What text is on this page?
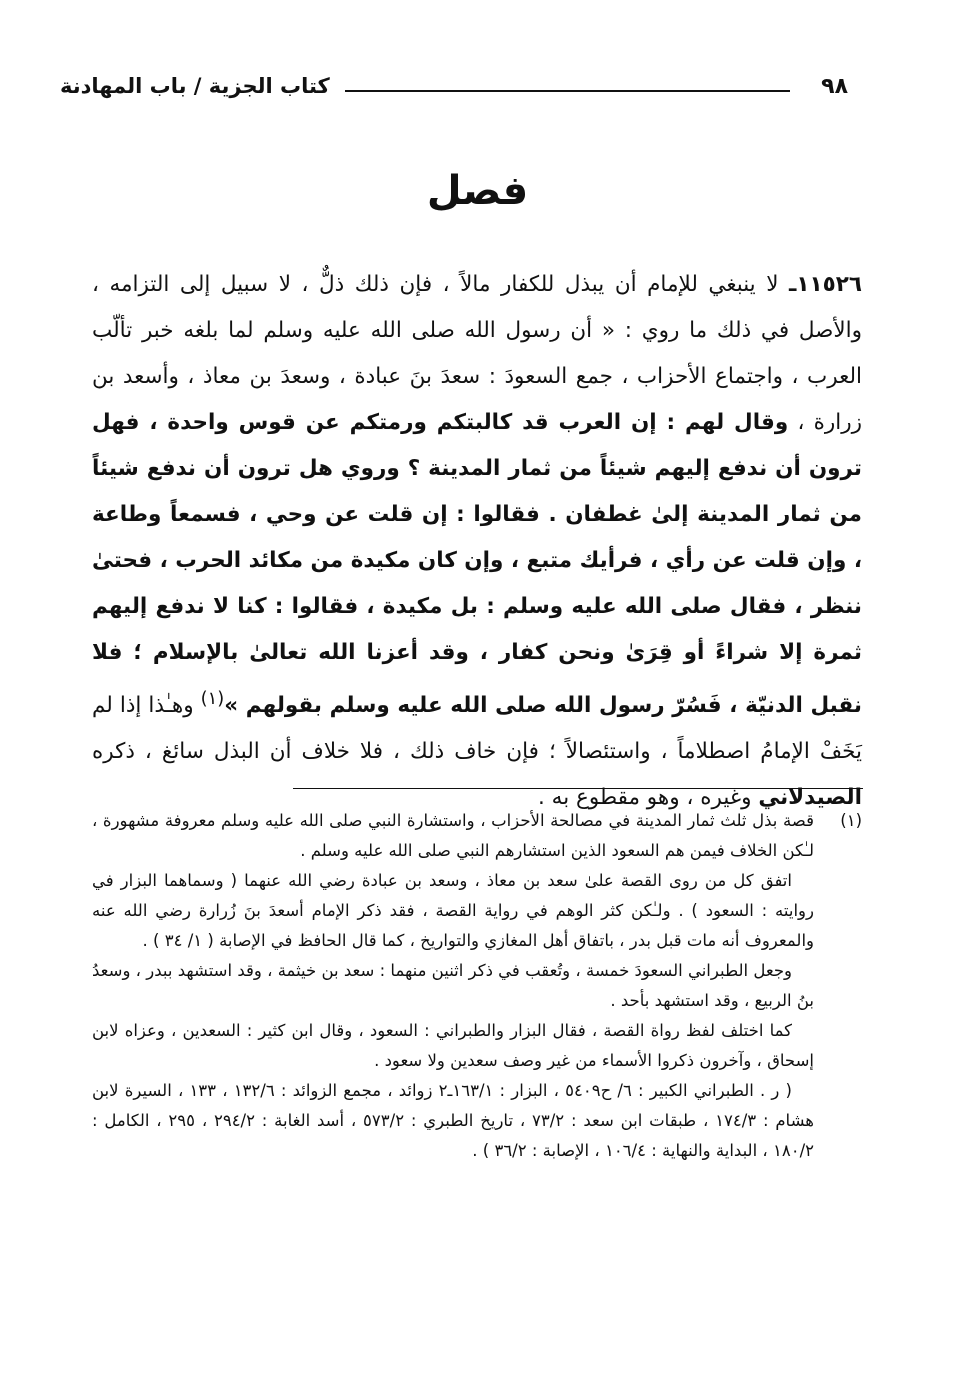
٩٨
كتاب الجزية / باب المهادنة
فصل

١١٥٢٦ـ لا ينبغي للإمام أن يبذل للكفار مالاً ، فإن ذلك ذلٌّ ، لا سبيل إلى التزامه ، والأصل في ذلك ما روي : « أن رسول الله صلى الله عليه وسلم لما بلغه خبر تألّب العرب ، واجتماع الأحزاب ، جمع السعودَ : سعدَ بنَ عبادة ، وسعدَ بن معاذ ، وأسعد بن زرارة ، وقال لهم : إن العرب قد كالبتكم ورمتكم عن قوس واحدة ، فهل ترون أن ندفع إليهم شيئاً من ثمار المدينة ؟ وروي هل ترون أن ندفع شيئاً من ثمار المدينة إلىٰ غطفان . فقالوا : إن قلت عن وحي ، فسمعاً وطاعة ، وإن قلت عن رأي ، فرأيك متبع ، وإن كان مكيدة من مكائد الحرب ، فحتىٰ ننظر ، فقال صلى الله عليه وسلم : بل مكيدة ، فقالوا : كنا لا ندفع إليهم ثمرة إلا شراءً أو قِرَىٰ ونحن كفار ، وقد أعزنا الله تعالىٰ بالإسلام ؛ فلا نقبل الدنيّة ، فَسُرّ رسول الله صلى الله عليه وسلم بقولهم »$^{(١)}$ وهـٰذا إذا لم يَخَفْ الإمامُ اصطلاماً ، واستئصالاً ؛ فإن خاف ذلك ، فلا خلاف أن البذل سائغ ، ذكره الصيدلاني وغيره ، وهو مقطوع به .

(١)

قصة بذل ثلث ثمار المدينة في مصالحة الأحزاب ، واستشارة النبي صلى الله عليه وسلم معروفة مشهورة ، لـٰكن الخلاف فيمن هم السعود الذين استشارهم النبي صلى الله عليه وسلم .

اتفق كل من روى القصة علىٰ سعد بن معاذ ، وسعد بن عبادة رضي الله عنهما ( وسماهما البزار في روايته : السعود ) . ولـٰكن كثر الوهم في رواية القصة ، فقد ذكر الإمام أسعدَ بنَ زُرارة رضي الله عنه والمعروف أنه مات قبل بدر ، باتفاق أهل المغازي والتواريخ ، كما قال الحافظ في الإصابة ( ١/ ٣٤ ) .

وجعل الطبراني السعودَ خمسة ، وتُعقب في ذكر اثنين منهما : سعد بن خيثمة ، وقد استشهد ببدر ، وسعدُ بنُ الربيع ، وقد استشهد بأحد .

كما اختلف لفظ رواة القصة ، فقال البزار والطبراني : السعود ، وقال ابن كثير : السعدين ، وعزاه لابن إسحاق ، وآخرون ذكروا الأسماء من غير وصف سعدين ولا سعود .

( ر . الطبراني الكبير : ٦/ ح٥٤٠٩ ، البزار : ١٦٣/١ـ٢ زوائد ، مجمع الزوائد : ١٣٢/٦ ، ١٣٣ ، السيرة لابن هشام : ١٧٤/٣ ، طبقات ابن سعد : ٧٣/٢ ، تاريخ الطبري : ٥٧٣/٢ ، أسد الغابة : ٢٩٤/٢ ، ٢٩٥ ، الكامل : ١٨٠/٢ ، البداية والنهاية : ١٠٦/٤ ، الإصابة : ٣٦/٢ ) .
